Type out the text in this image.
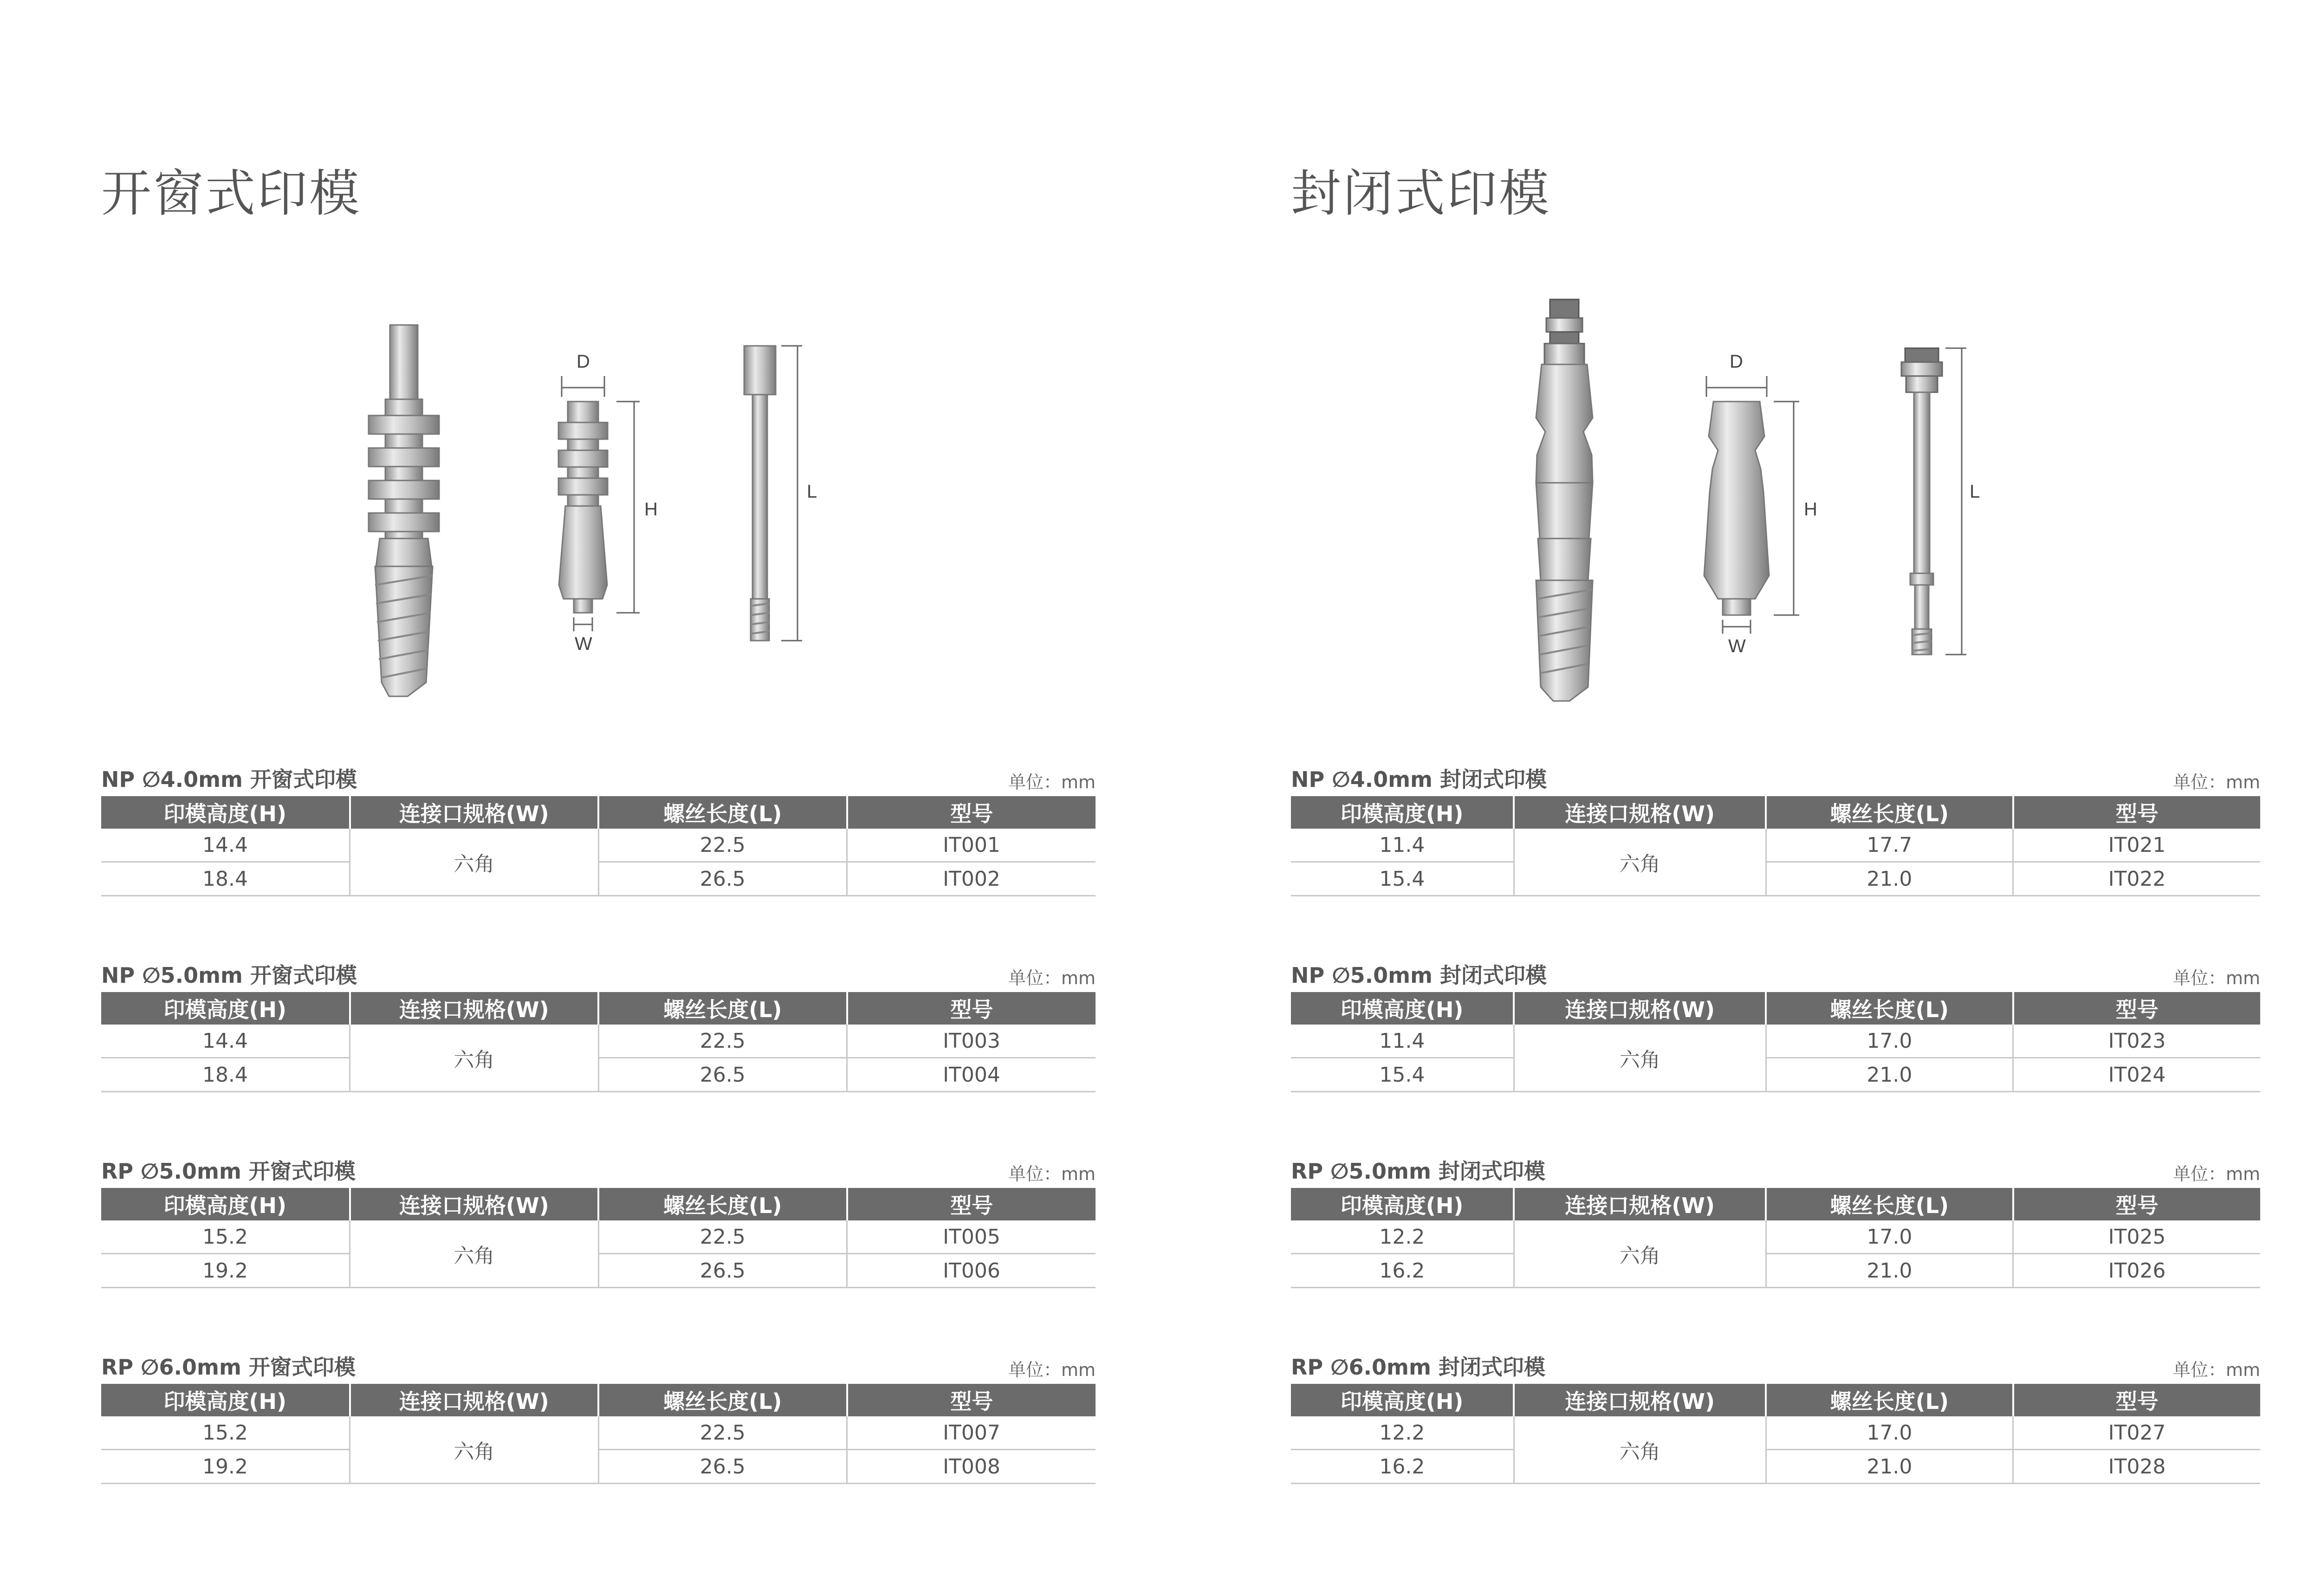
开窗式印模
D
H
W
L
NP ∅4.0mm 开窗式印模	单位：mm
印模高度(H)	连接口规格(W)	螺丝长度(L)	型号
14.4	六角	22.5	IT001
18.4		26.5	IT002
NP ∅5.0mm 开窗式印模	单位：mm
印模高度(H)	连接口规格(W)	螺丝长度(L)	型号
14.4	六角	22.5	IT003
18.4		26.5	IT004
RP ∅5.0mm 开窗式印模	单位：mm
印模高度(H)	连接口规格(W)	螺丝长度(L)	型号
15.2	六角	22.5	IT005
19.2		26.5	IT006
RP ∅6.0mm 开窗式印模	单位：mm
印模高度(H)	连接口规格(W)	螺丝长度(L)	型号
15.2	六角	22.5	IT007
19.2		26.5	IT008
封闭式印模
D
H
W
L
NP ∅4.0mm 封闭式印模	单位：mm
印模高度(H)	连接口规格(W)	螺丝长度(L)	型号
11.4	六角	17.7	IT021
15.4		21.0	IT022
NP ∅5.0mm 封闭式印模	单位：mm
印模高度(H)	连接口规格(W)	螺丝长度(L)	型号
11.4	六角	17.0	IT023
15.4		21.0	IT024
RP ∅5.0mm 封闭式印模	单位：mm
印模高度(H)	连接口规格(W)	螺丝长度(L)	型号
12.2	六角	17.0	IT025
16.2		21.0	IT026
RP ∅6.0mm 封闭式印模	单位：mm
印模高度(H)	连接口规格(W)	螺丝长度(L)	型号
12.2	六角	17.0	IT027
16.2		21.0	IT028
